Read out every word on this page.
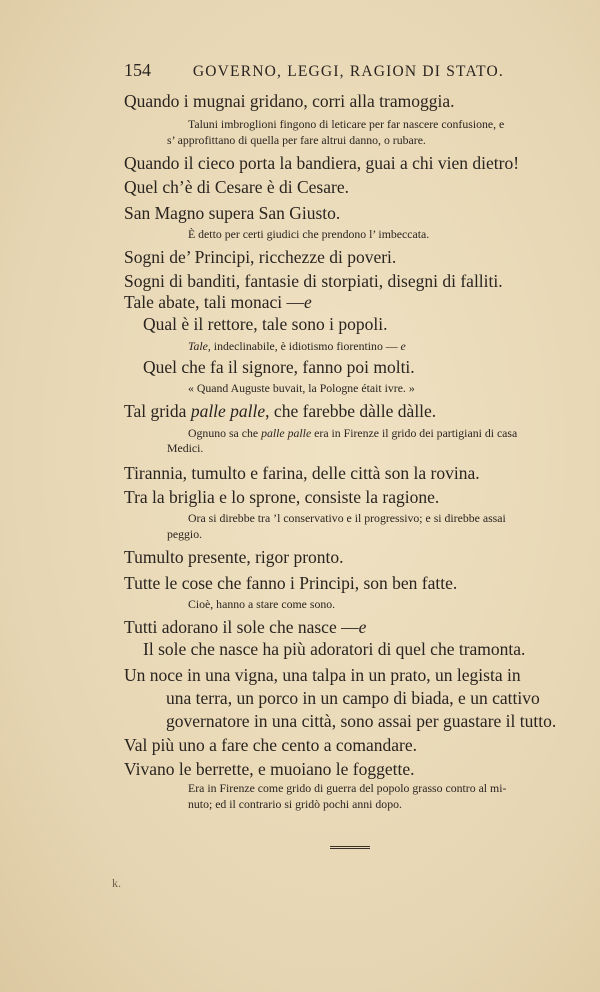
154	GOVERNO, LEGGI, RAGION DI STATO.
Quando i mugnai gridano, corri alla tramoggia.
Taluni imbroglioni fingono di leticare per far nascere confusione, e
s’ approfittano di quella per fare altrui danno, o rubare.
Quando il cieco porta la bandiera, guai a chi vien dietro!
Quel ch’è di Cesare è di Cesare.
San Magno supera San Giusto.
È detto per certi giudici che prendono l’ imbeccata.
Sogni de’ Principi, ricchezze di poveri.
Sogni di banditi, fantasie di storpiati, disegni di falliti.
Tale abate, tali monaci —e
Qual è il rettore, tale sono i popoli.
Tale, indeclinabile, è idiotismo fiorentino — e
Quel che fa il signore, fanno poi molti.
« Quand Auguste buvait, la Pologne était ivre. »
Tal grida palle palle, che farebbe dàlle dàlle.
Ognuno sa che palle palle era in Firenze il grido dei partigiani di casa
Medici.
Tirannia, tumulto e farina, delle città son la rovina.
Tra la briglia e lo sprone, consiste la ragione.
Ora si direbbe tra ’l conservativo e il progressivo; e si direbbe assai
peggio.
Tumulto presente, rigor pronto.
Tutte le cose che fanno i Principi, son ben fatte.
Cioè, hanno a stare come sono.
Tutti adorano il sole che nasce —e
Il sole che nasce ha più adoratori di quel che tramonta.
Un noce in una vigna, una talpa in un prato, un legista in
una terra, un porco in un campo di biada, e un cattivo
governatore in una città, sono assai per guastare il tutto.
Val più uno a fare che cento a comandare.
Vivano le berrette, e muoiano le foggette.
Era in Firenze come grido di guerra del popolo grasso contro al mi-
nuto; ed il contrario si gridò pochi anni dopo.
k.
